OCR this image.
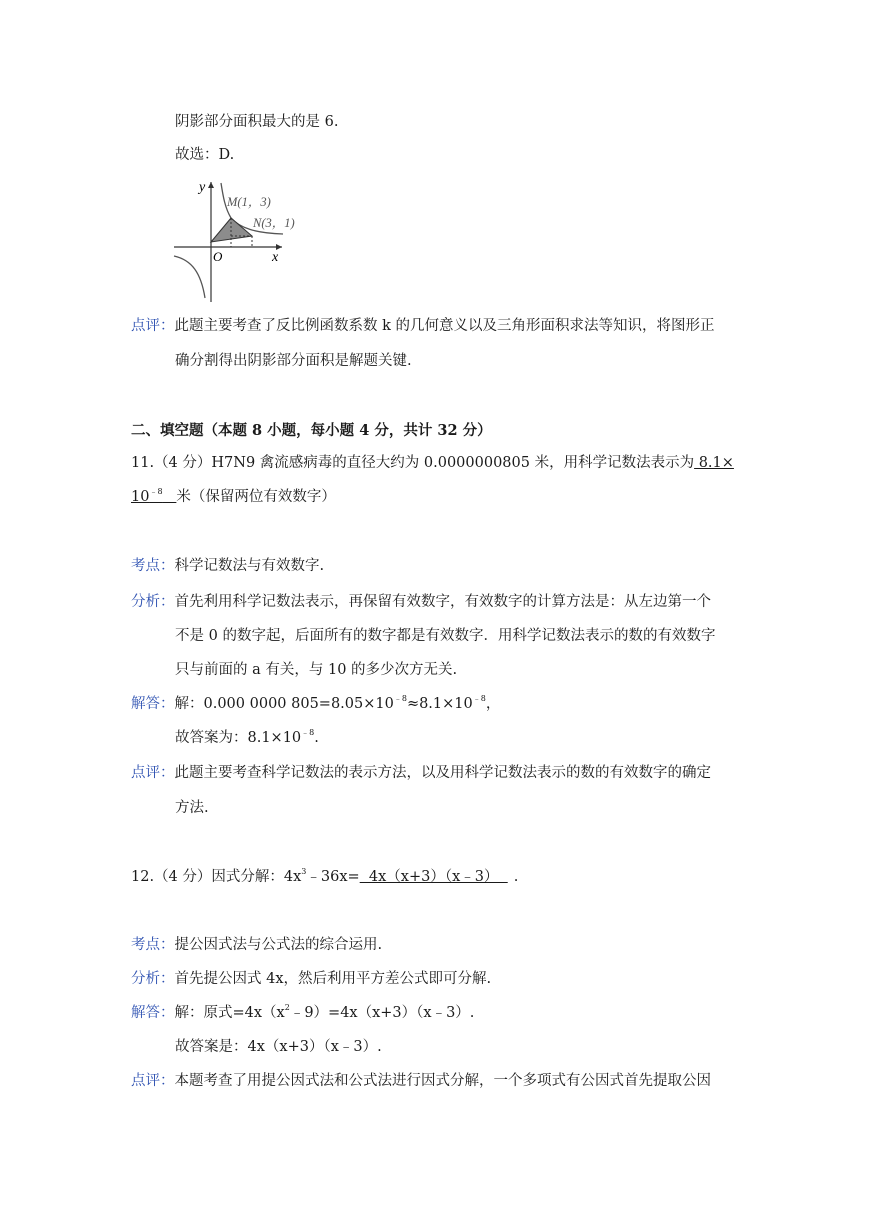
阴影部分面积最大的是 6.
故选：D.
y
x
O
M(1，3)
N(3，1)
点评：此题主要考查了反比例函数系数 k 的几何意义以及三角形面积求法等知识，将图形正
确分割得出阴影部分面积是解题关键.
二、填空题（本题 8 小题，每小题 4 分，共计 32 分）
11.（4 分）H7N9 禽流感病毒的直径大约为 0.0000000805 米，用科学记数法表示为 8.1×
$10^{﹣8}$ 米（保留两位有效数字）
考点：科学记数法与有效数字.
分析：首先利用科学记数法表示，再保留有效数字，有效数字的计算方法是：从左边第一个
不是 0 的数字起，后面所有的数字都是有效数字．用科学记数法表示的数的有效数字
只与前面的 a 有关，与 10 的多少次方无关.
解答：解：0.000 0000 $805=8.05\times 10^{﹣8}\approx 8.1\times 10^{﹣8}$，
故答案为：$8.1\times 10^{﹣8}$.
点评：此题主要考查科学记数法的表示方法，以及用科学记数法表示的数的有效数字的确定
方法.
12.（4 分）因式分解：$4x^3﹣36x=$  4x（x+3）（x﹣3）  .
考点：提公因式法与公式法的综合运用.
分析：首先提公因式 4x，然后利用平方差公式即可分解.
解答：解：原式$=4x(x^2﹣9)=4x(x+3)(x﹣3)$.
故答案是：4x（x+3）（x﹣3）.
点评：本题考查了用提公因式法和公式法进行因式分解，一个多项式有公因式首先提取公因
